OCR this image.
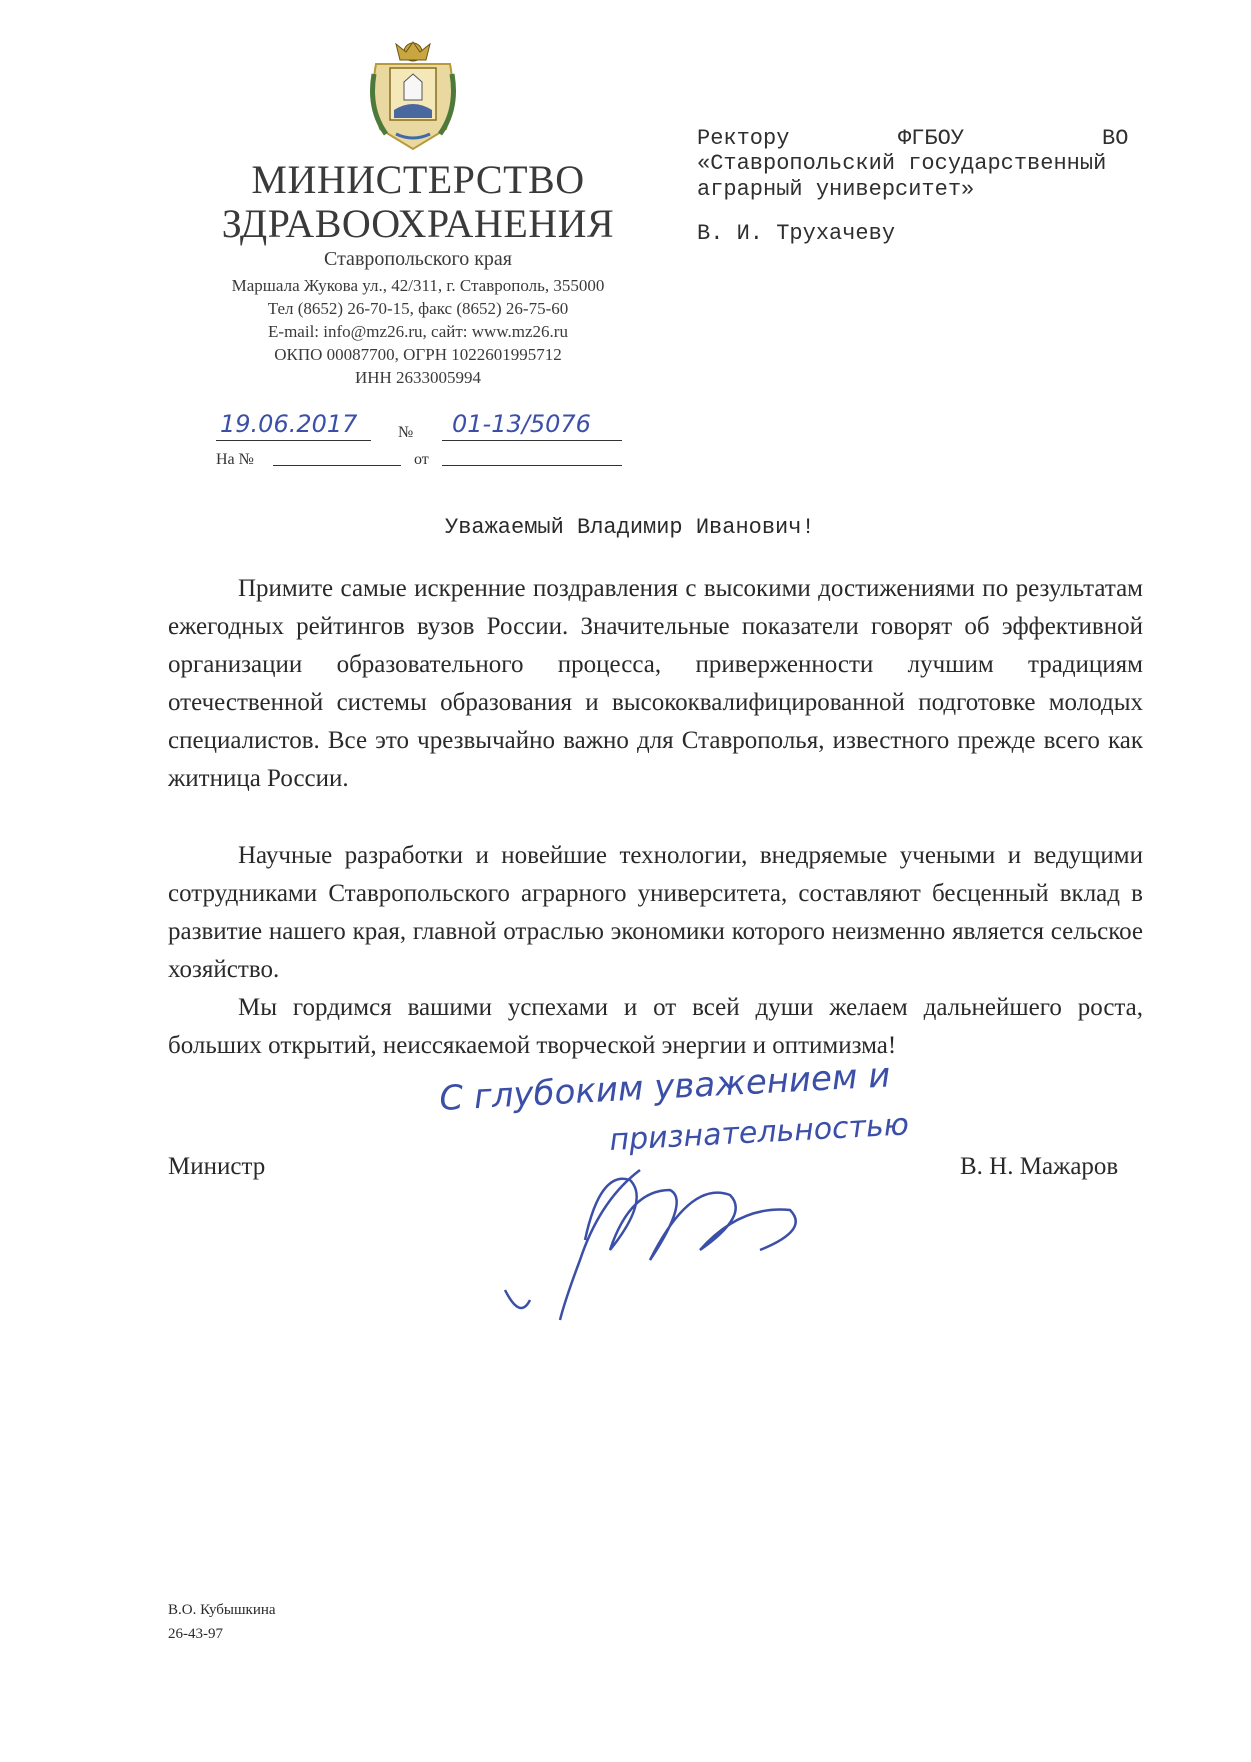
МИНИСТЕРСТВО
ЗДРАВООХРАНЕНИЯ
Ставропольского края
Маршала Жукова ул., 42/311, г. Ставрополь, 355000
Тел (8652) 26-70-15, факс (8652) 26-75-60
E-mail: info@mz26.ru, сайт: www.mz26.ru
ОКПО 00087700, ОГРН 1022601995712
ИНН 2633005994
19.06.2017	№ 01-13/5076
На №	от
Ректору	ФГБОУ	ВО
«Ставропольский государственный
аграрный университет»
В. И. Трухачеву
Уважаемый Владимир Иванович!
Примите самые искренние поздравления с высокими достижениями по результатам ежегодных рейтингов вузов России. Значительные показатели говорят об эффективной организации образовательного процесса, приверженности лучшим традициям отечественной системы образования и высококвалифицированной подготовке молодых специалистов. Все это чрезвычайно важно для Ставрополья, известного прежде всего как житница России.
Научные разработки и новейшие технологии, внедряемые учеными и ведущими сотрудниками Ставропольского аграрного университета, составляют бесценный вклад в развитие нашего края, главной отраслью экономики которого неизменно является сельское хозяйство.
Мы гордимся вашими успехами и от всей души желаем дальнейшего роста, больших открытий, неиссякаемой творческой энергии и оптимизма!
С глубоким уважением и
признательностью
Министр	В. Н. Мажаров
В.О. Кубышкина
26-43-97
